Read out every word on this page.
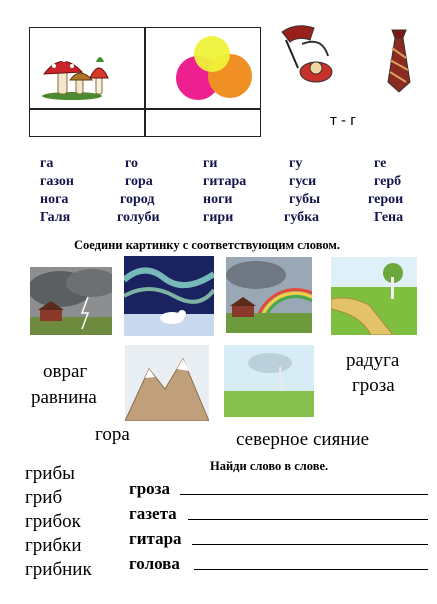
т - г
га	го	ги	гу	ге
газон	гора	гитара	гуси	герб
нога	город	ноги	губы	герои
Галя	голуби	гири	губка	Гена
Соедини картинку с соответствующим словом.
овраг
равнина
гора
радуга
гроза
северное сияние
Найди слово в слове.
грибы
гриб
грибок
грибки
грибник
гроза
газета
гитара
голова
